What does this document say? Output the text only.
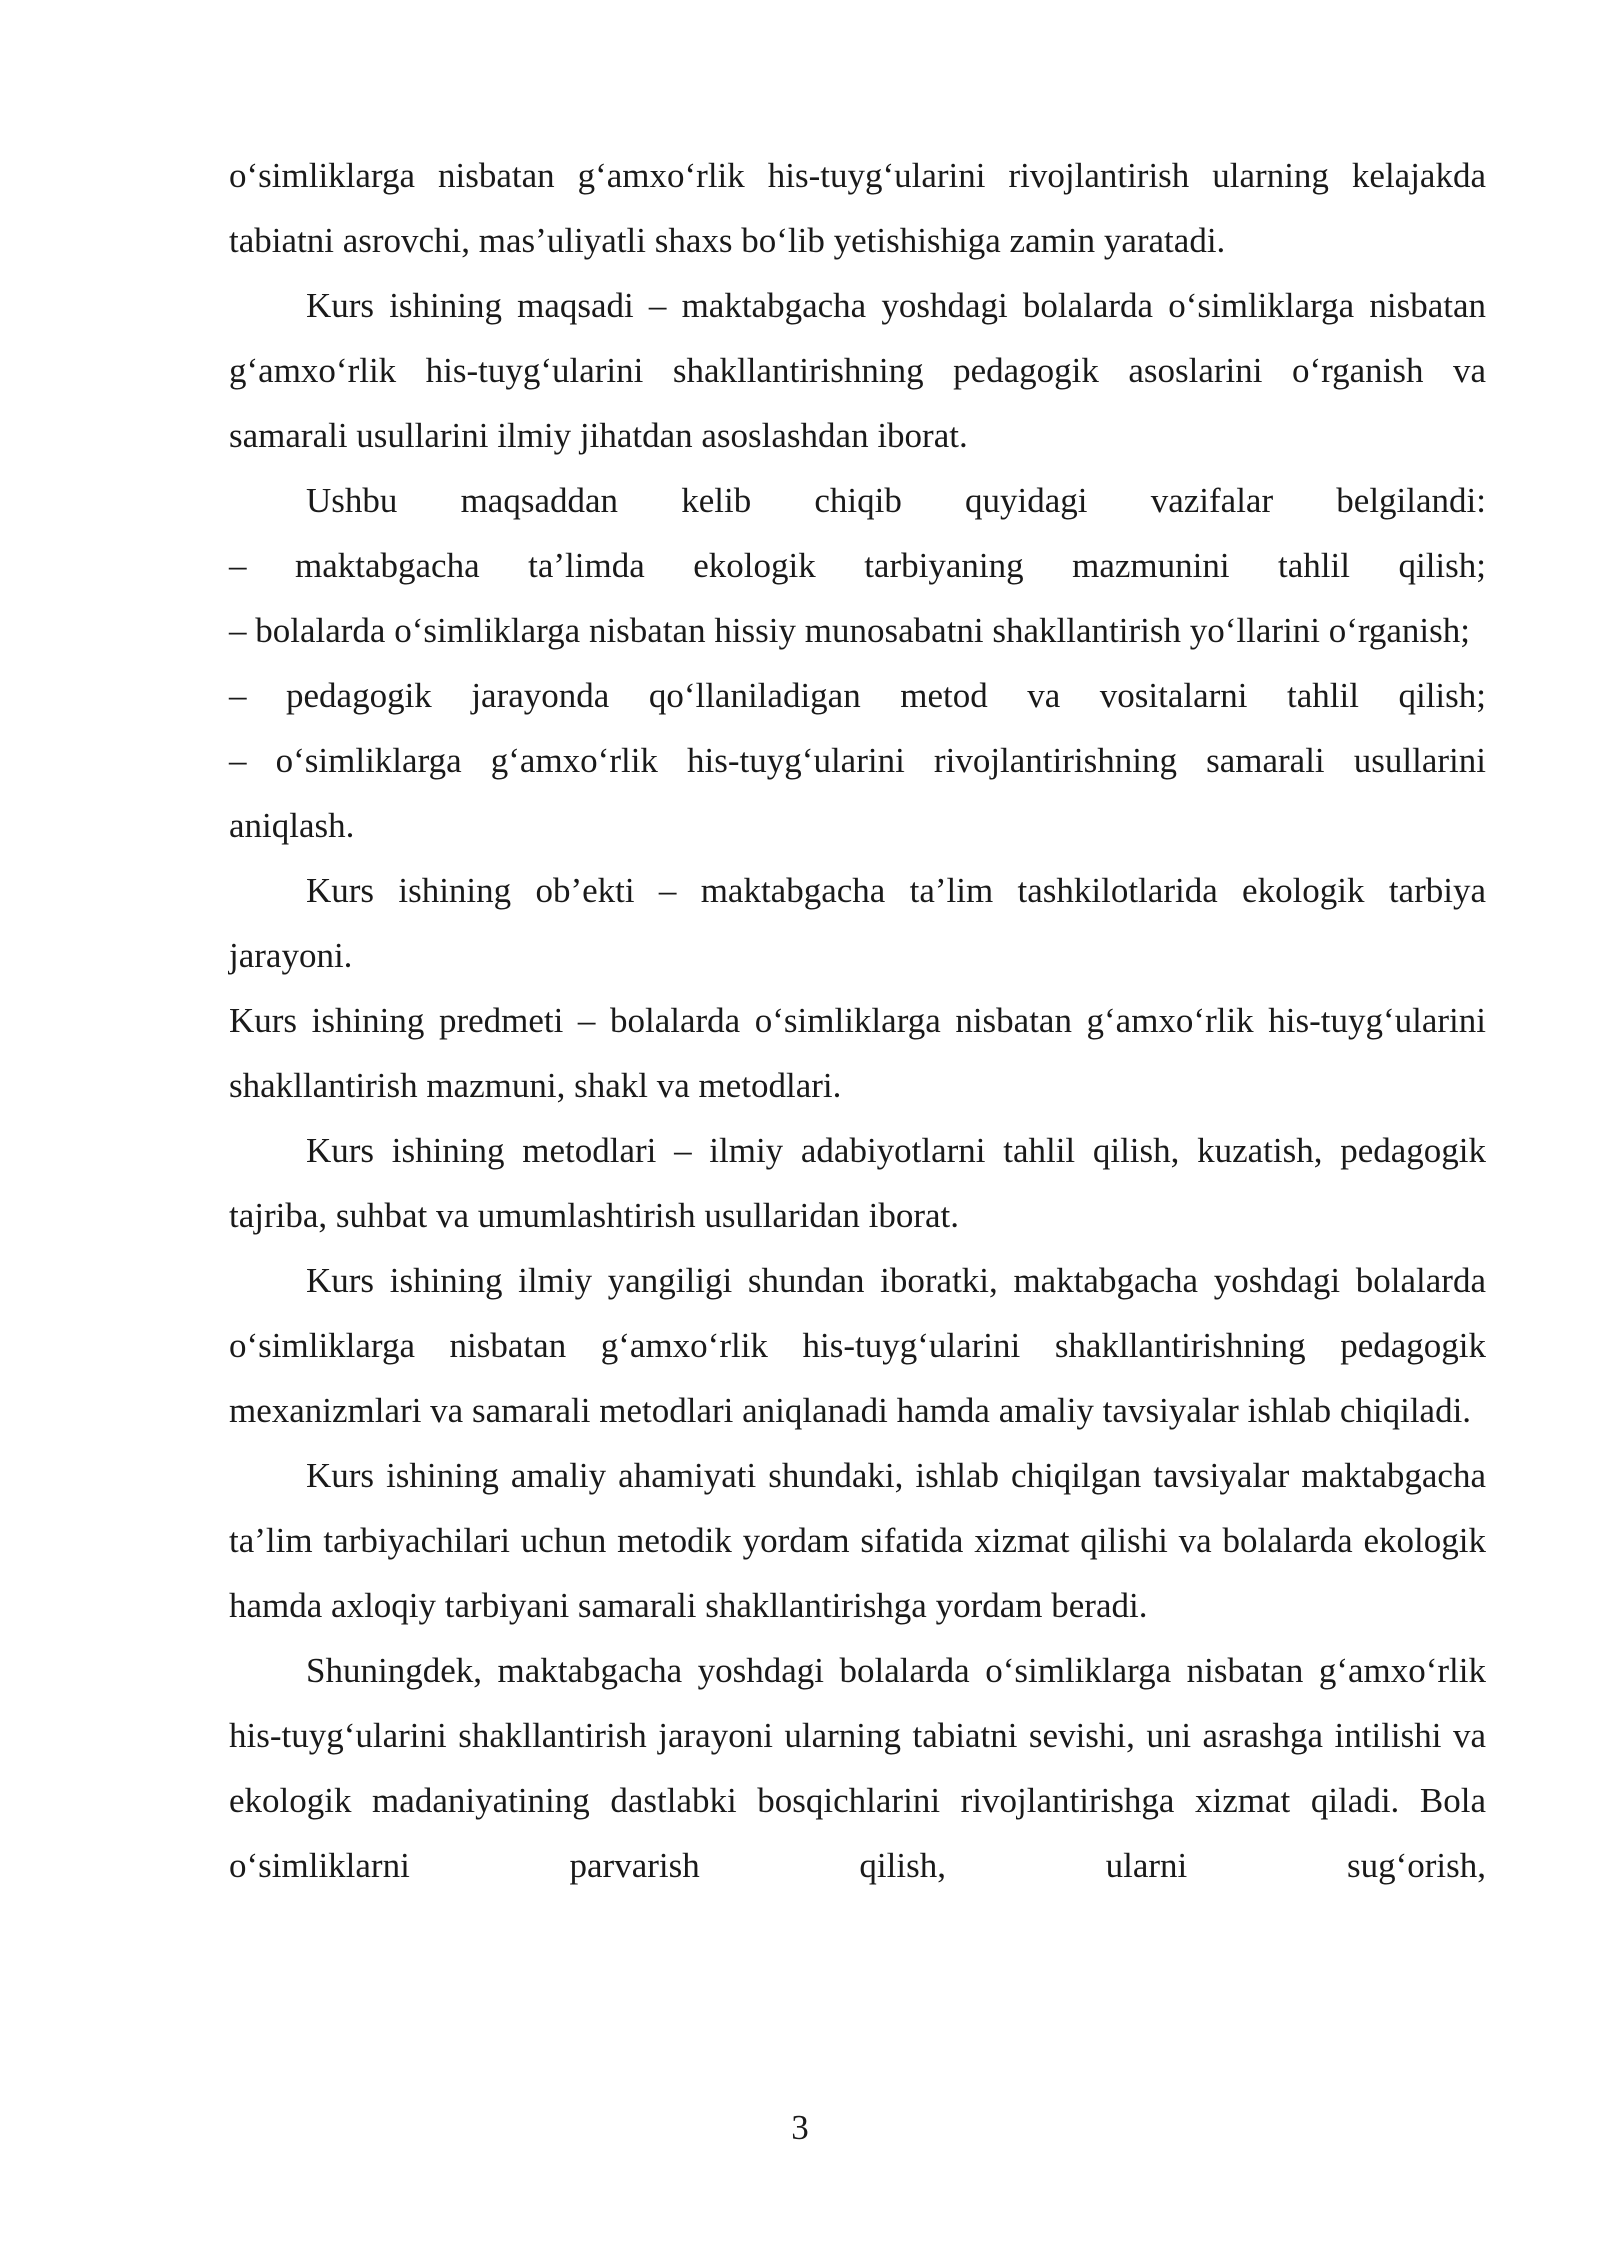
o‘simliklarga nisbatan g‘amxo‘rlik his-tuyg‘ularini rivojlantirish ularning kelajakda tabiatni asrovchi, mas’uliyatli shaxs bo‘lib yetishishiga zamin yaratadi.

Kurs ishining maqsadi – maktabgacha yoshdagi bolalarda o‘simliklarga nisbatan g‘amxo‘rlik his-tuyg‘ularini shakllantirishning pedagogik asoslarini o‘rganish va samarali usullarini ilmiy jihatdan asoslashdan iborat.

Ushbu maqsaddan kelib chiqib quyidagi vazifalar belgilandi:

– maktabgacha ta’limda ekologik tarbiyaning mazmunini tahlil qilish;

– bolalarda o‘simliklarga nisbatan hissiy munosabatni shakllantirish yo‘llarini o‘rganish;

– pedagogik jarayonda qo‘llaniladigan metod va vositalarni tahlil qilish;

– o‘simliklarga g‘amxo‘rlik his-tuyg‘ularini rivojlantirishning samarali usullarini aniqlash.

Kurs ishining ob’ekti – maktabgacha ta’lim tashkilotlarida ekologik tarbiya jarayoni.

Kurs ishining predmeti – bolalarda o‘simliklarga nisbatan g‘amxo‘rlik his-tuyg‘ularini shakllantirish mazmuni, shakl va metodlari.

Kurs ishining metodlari – ilmiy adabiyotlarni tahlil qilish, kuzatish, pedagogik tajriba, suhbat va umumlashtirish usullaridan iborat.

Kurs ishining ilmiy yangiligi shundan iboratki, maktabgacha yoshdagi bolalarda o‘simliklarga nisbatan g‘amxo‘rlik his-tuyg‘ularini shakllantirishning pedagogik mexanizmlari va samarali metodlari aniqlanadi hamda amaliy tavsiyalar ishlab chiqiladi.

Kurs ishining amaliy ahamiyati shundaki, ishlab chiqilgan tavsiyalar maktabgacha ta’lim tarbiyachilari uchun metodik yordam sifatida xizmat qilishi va bolalarda ekologik hamda axloqiy tarbiyani samarali shakllantirishga yordam beradi.

Shuningdek, maktabgacha yoshdagi bolalarda o‘simliklarga nisbatan g‘amxo‘rlik his-tuyg‘ularini shakllantirish jarayoni ularning tabiatni sevishi, uni asrashga intilishi va ekologik madaniyatining dastlabki bosqichlarini rivojlantirishga xizmat qiladi. Bola o‘simliklarni parvarish qilish, ularni sug‘orish,

3
